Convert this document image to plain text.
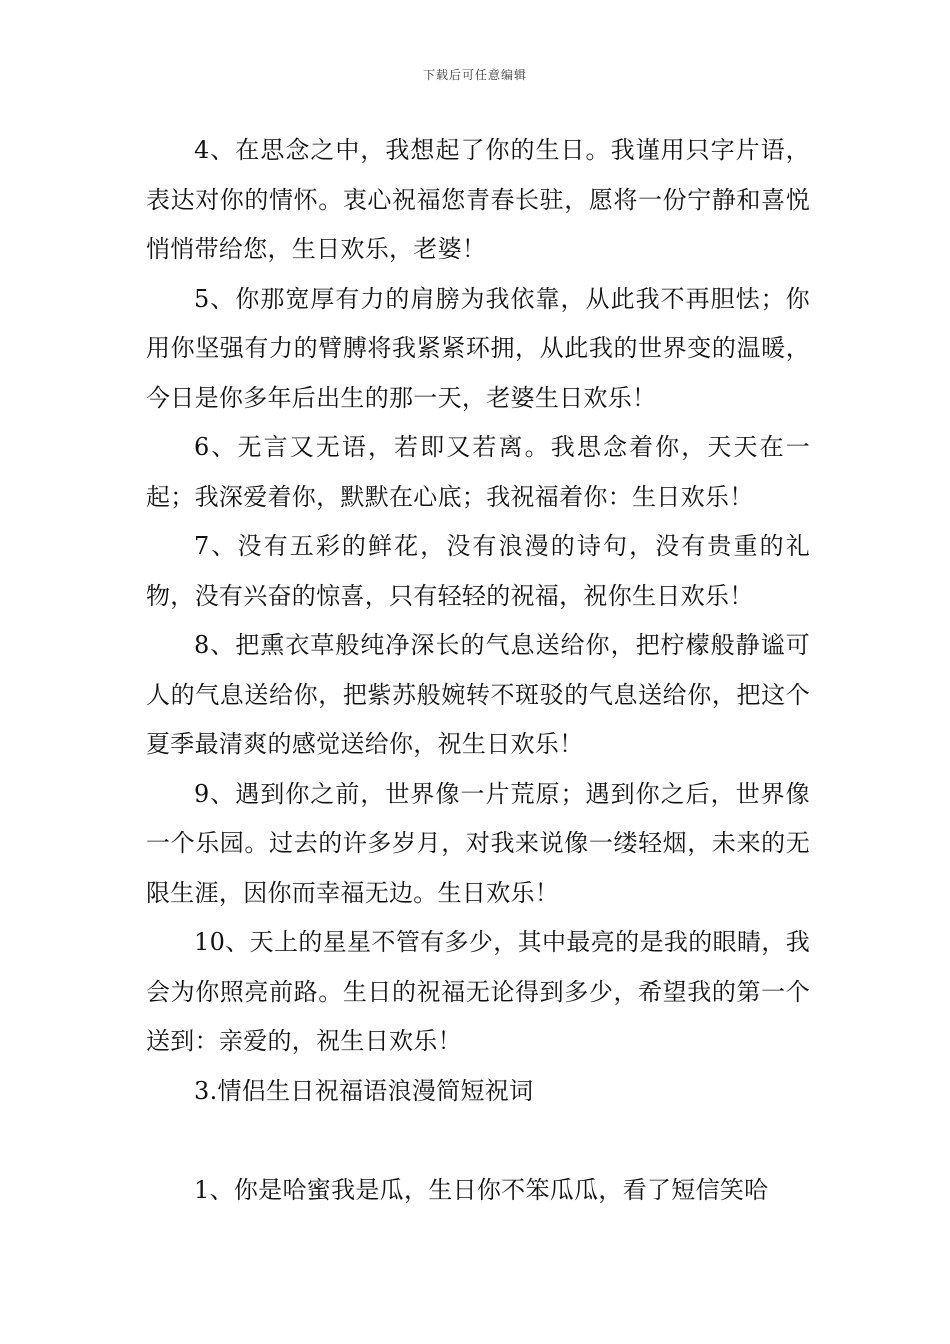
下载后可任意编辑

4、在思念之中，我想起了你的生日。我谨用只字片语，表达对你的情怀。衷心祝福您青春长驻，愿将一份宁静和喜悦悄悄带给您，生日欢乐，老婆！

5、你那宽厚有力的肩膀为我依靠，从此我不再胆怯；你用你坚强有力的臂膊将我紧紧环拥，从此我的世界变的温暖，今日是你多年后出生的那一天，老婆生日欢乐！

6、无言又无语，若即又若离。我思念着你，天天在一起；我深爱着你，默默在心底；我祝福着你：生日欢乐！

7、没有五彩的鲜花，没有浪漫的诗句，没有贵重的礼物，没有兴奋的惊喜，只有轻轻的祝福，祝你生日欢乐！

8、把熏衣草般纯净深长的气息送给你，把柠檬般静谧可人的气息送给你，把紫苏般婉转不斑驳的气息送给你，把这个夏季最清爽的感觉送给你，祝生日欢乐！

9、遇到你之前，世界像一片荒原；遇到你之后，世界像一个乐园。过去的许多岁月，对我来说像一缕轻烟，未来的无限生涯，因你而幸福无边。生日欢乐！

10、天上的星星不管有多少，其中最亮的是我的眼睛，我会为你照亮前路。生日的祝福无论得到多少，希望我的第一个送到：亲爱的，祝生日欢乐！

3.情侣生日祝福语浪漫简短祝词

1、你是哈蜜我是瓜，生日你不笨瓜瓜，看了短信笑哈
